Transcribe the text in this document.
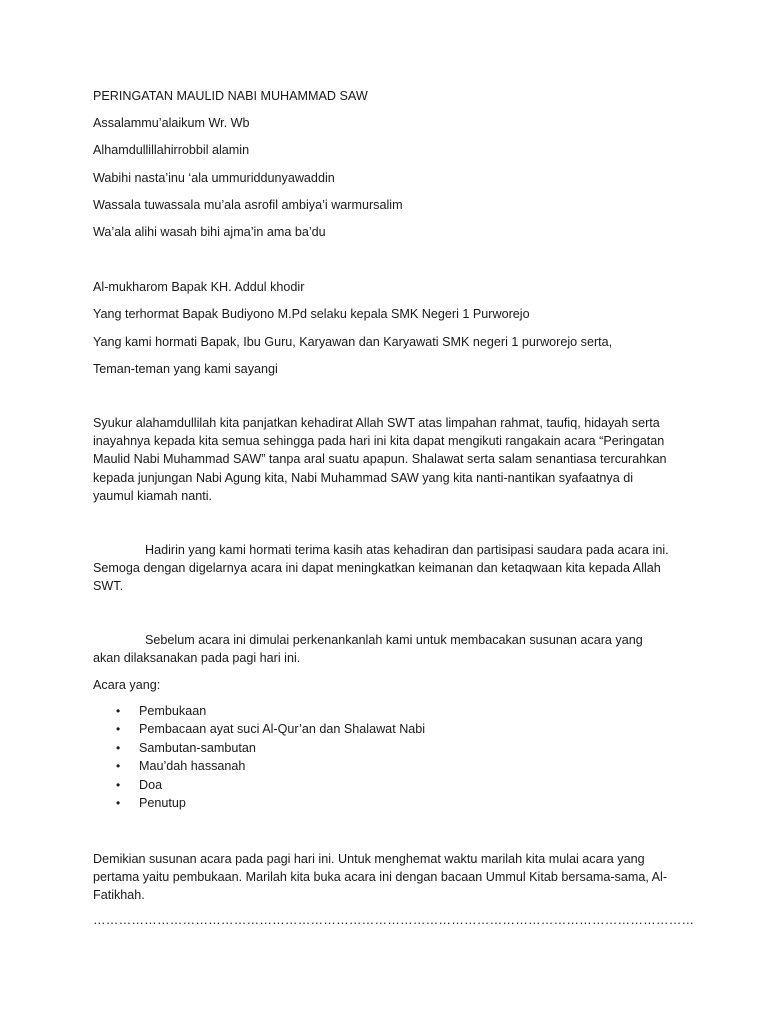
PERINGATAN MAULID NABI MUHAMMAD SAW
Assalammu’alaikum Wr. Wb
Alhamdullillahirrobbil alamin
Wabihi nasta’inu ‘ala ummuriddunyawaddin
Wassala tuwassala mu’ala asrofil ambiya’i warmursalim
Wa’ala alihi wasah bihi ajma’in ama ba’du
Al-mukharom Bapak KH. Addul khodir
Yang terhormat Bapak Budiyono M.Pd selaku kepala SMK Negeri 1 Purworejo
Yang kami hormati Bapak, Ibu Guru, Karyawan dan Karyawati SMK negeri 1 purworejo serta,
Teman-teman yang kami sayangi

Syukur alahamdullilah kita panjatkan kehadirat Allah SWT atas limpahan rahmat, taufiq, hidayah serta inayahnya kepada kita semua sehingga pada hari ini kita dapat mengikuti rangakain acara “Peringatan Maulid Nabi Muhammad SAW” tanpa aral suatu apapun. Shalawat serta salam senantiasa tercurahkan kepada junjungan Nabi Agung kita, Nabi Muhammad SAW yang kita nanti-nantikan syafaatnya di yaumul kiamah nanti.

Hadirin yang kami hormati terima kasih atas kehadiran dan partisipasi saudara pada acara ini. Semoga dengan digelarnya acara ini dapat meningkatkan keimanan dan ketaqwaan kita kepada Allah SWT.

Sebelum acara ini dimulai perkenankanlah kami untuk membacakan susunan acara yang akan dilaksanakan pada pagi hari ini.

Acara yang:
• Pembukaan
• Pembacaan ayat suci Al-Qur’an dan Shalawat Nabi
• Sambutan-sambutan
• Mau’dah hassanah
• Doa
• Penutup

Demikian susunan acara pada pagi hari ini. Untuk menghemat waktu marilah kita mulai acara yang pertama yaitu pembukaan. Marilah kita buka acara ini dengan bacaan Ummul Kitab bersama-sama, Al-Fatikhah.

……………………………………………………………………………………………………………………………
